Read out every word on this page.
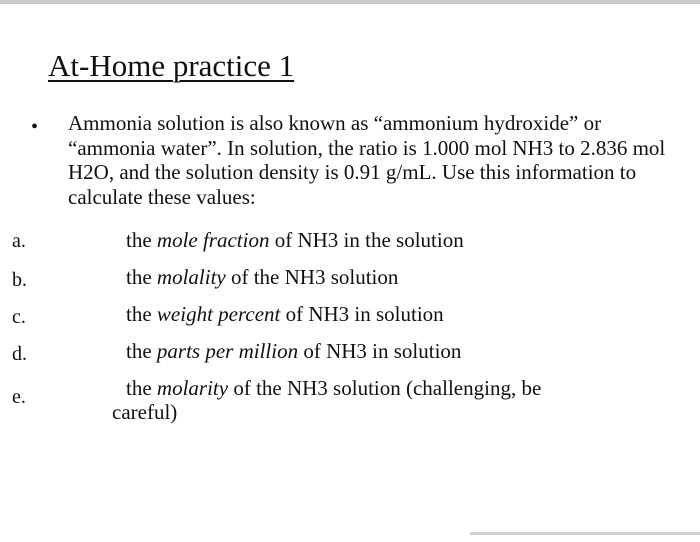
At-Home practice 1
• Ammonia solution is also known as “ammonium hydroxide” or “ammonia water”. In solution, the ratio is 1.000 mol NH3 to 2.836 mol H2O, and the solution density is 0.91 g/mL. Use this information to calculate these values:

a.	the mole fraction of NH3 in the solution
b.	the molality of the NH3 solution
c.	the weight percent of NH3 in solution
d.	the parts per million of NH3 in solution
e.	the molarity of the NH3 solution (challenging, be
careful)
